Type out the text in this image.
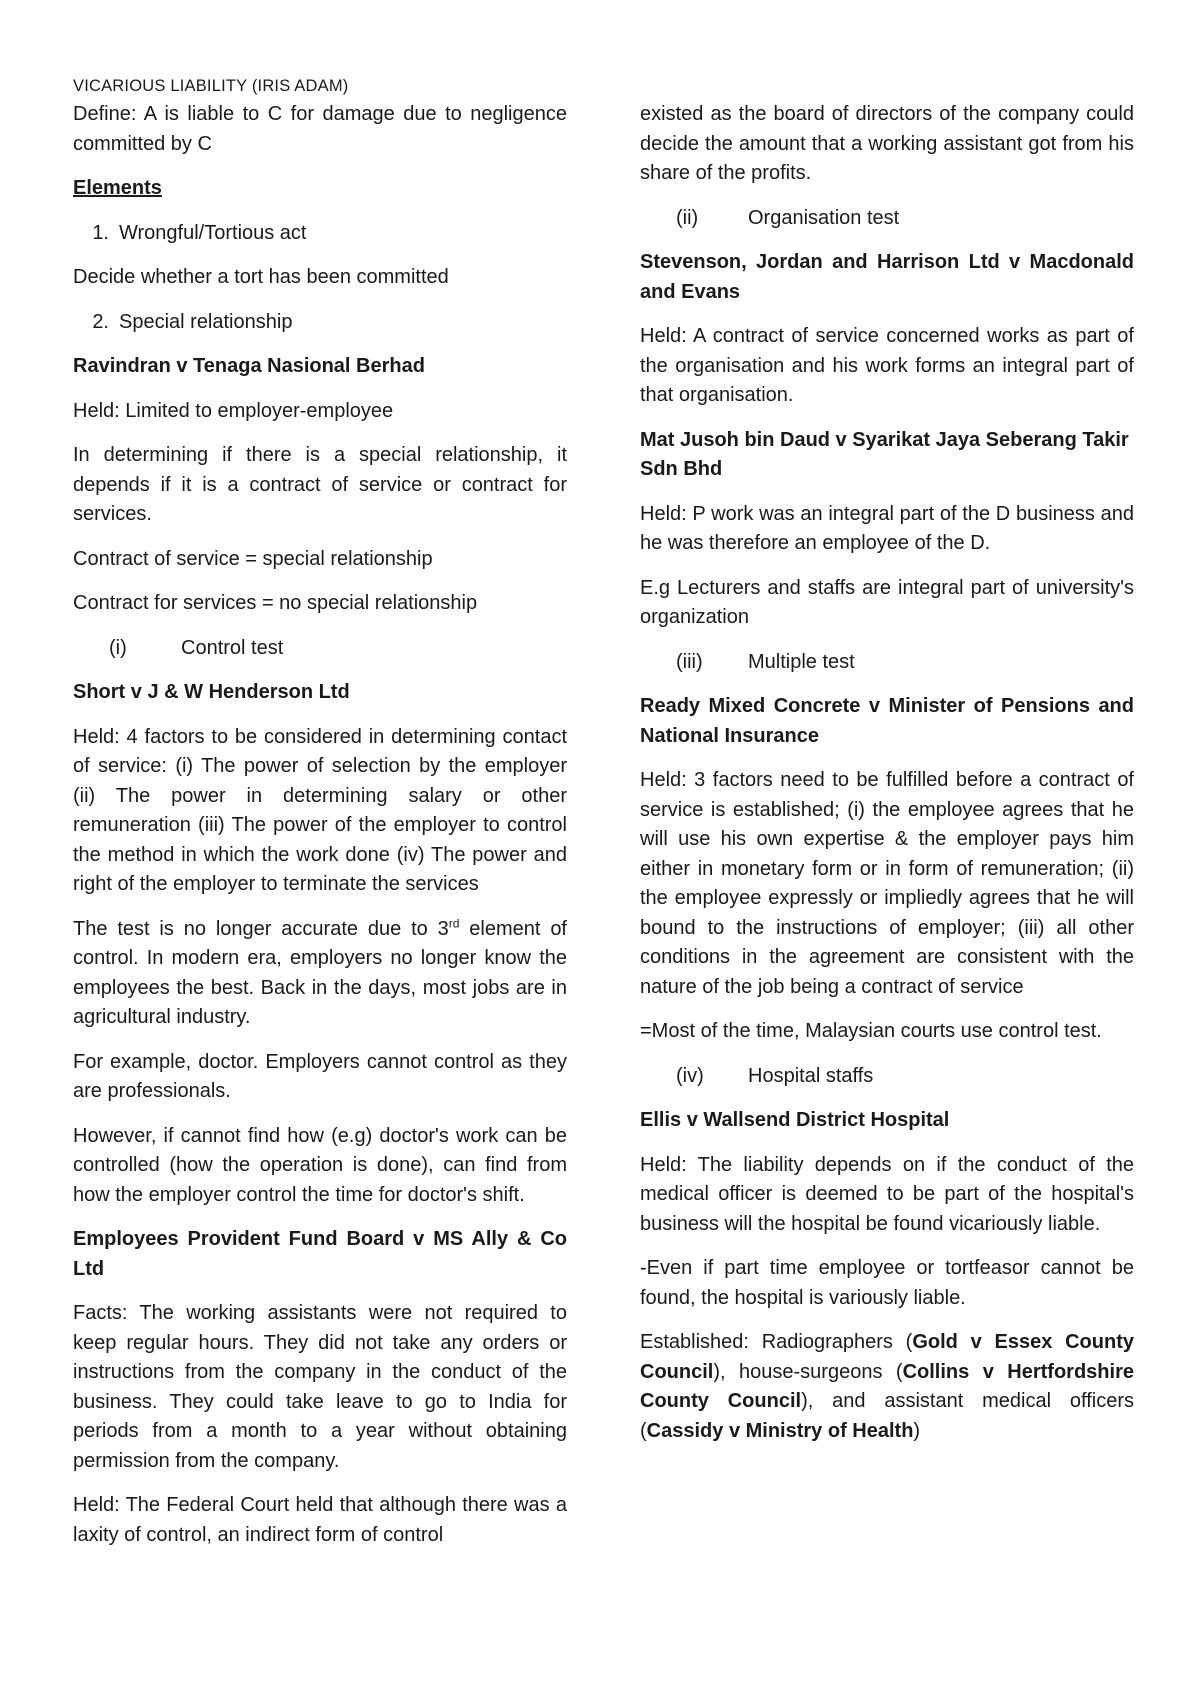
VICARIOUS LIABILITY (IRIS ADAM)

Define: A is liable to C for damage due to negligence committed by C

Elements

1. Wrongful/Tortious act

Decide whether a tort has been committed

2. Special relationship

Ravindran v Tenaga Nasional Berhad

Held: Limited to employer-employee

In determining if there is a special relationship, it depends if it is a contract of service or contract for services.

Contract of service = special relationship

Contract for services = no special relationship

(i)	Control test

Short v J & W Henderson Ltd

Held: 4 factors to be considered in determining contact of service: (i) The power of selection by the employer (ii) The power in determining salary or other remuneration (iii) The power of the employer to control the method in which the work done (iv) The power and right of the employer to terminate the services

The test is no longer accurate due to 3rd element of control. In modern era, employers no longer know the employees the best. Back in the days, most jobs are in agricultural industry.

For example, doctor. Employers cannot control as they are professionals.

However, if cannot find how (e.g) doctor's work can be controlled (how the operation is done), can find from how the employer control the time for doctor's shift.

Employees Provident Fund Board v MS Ally & Co Ltd

Facts: The working assistants were not required to keep regular hours. They did not take any orders or instructions from the company in the conduct of the business. They could take leave to go to India for periods from a month to a year without obtaining permission from the company.

Held: The Federal Court held that although there was a laxity of control, an indirect form of control

existed as the board of directors of the company could decide the amount that a working assistant got from his share of the profits.

(ii) Organisation test

Stevenson, Jordan and Harrison Ltd v Macdonald and Evans

Held: A contract of service concerned works as part of the organisation and his work forms an integral part of that organisation.

Mat Jusoh bin Daud v Syarikat Jaya Seberang Takir Sdn Bhd

Held: P work was an integral part of the D business and he was therefore an employee of the D.

E.g Lecturers and staffs are integral part of university's organization

(iii) Multiple test

Ready Mixed Concrete v Minister of Pensions and National Insurance

Held: 3 factors need to be fulfilled before a contract of service is established; (i) the employee agrees that he will use his own expertise & the employer pays him either in monetary form or in form of remuneration; (ii) the employee expressly or impliedly agrees that he will bound to the instructions of employer; (iii) all other conditions in the agreement are consistent with the nature of the job being a contract of service

=Most of the time, Malaysian courts use control test.

(iv) Hospital staffs

Ellis v Wallsend District Hospital

Held: The liability depends on if the conduct of the medical officer is deemed to be part of the hospital's business will the hospital be found vicariously liable.

-Even if part time employee or tortfeasor cannot be found, the hospital is variously liable.

Established: Radiographers (Gold v Essex County Council), house-surgeons (Collins v Hertfordshire County Council), and assistant medical officers (Cassidy v Ministry of Health)
